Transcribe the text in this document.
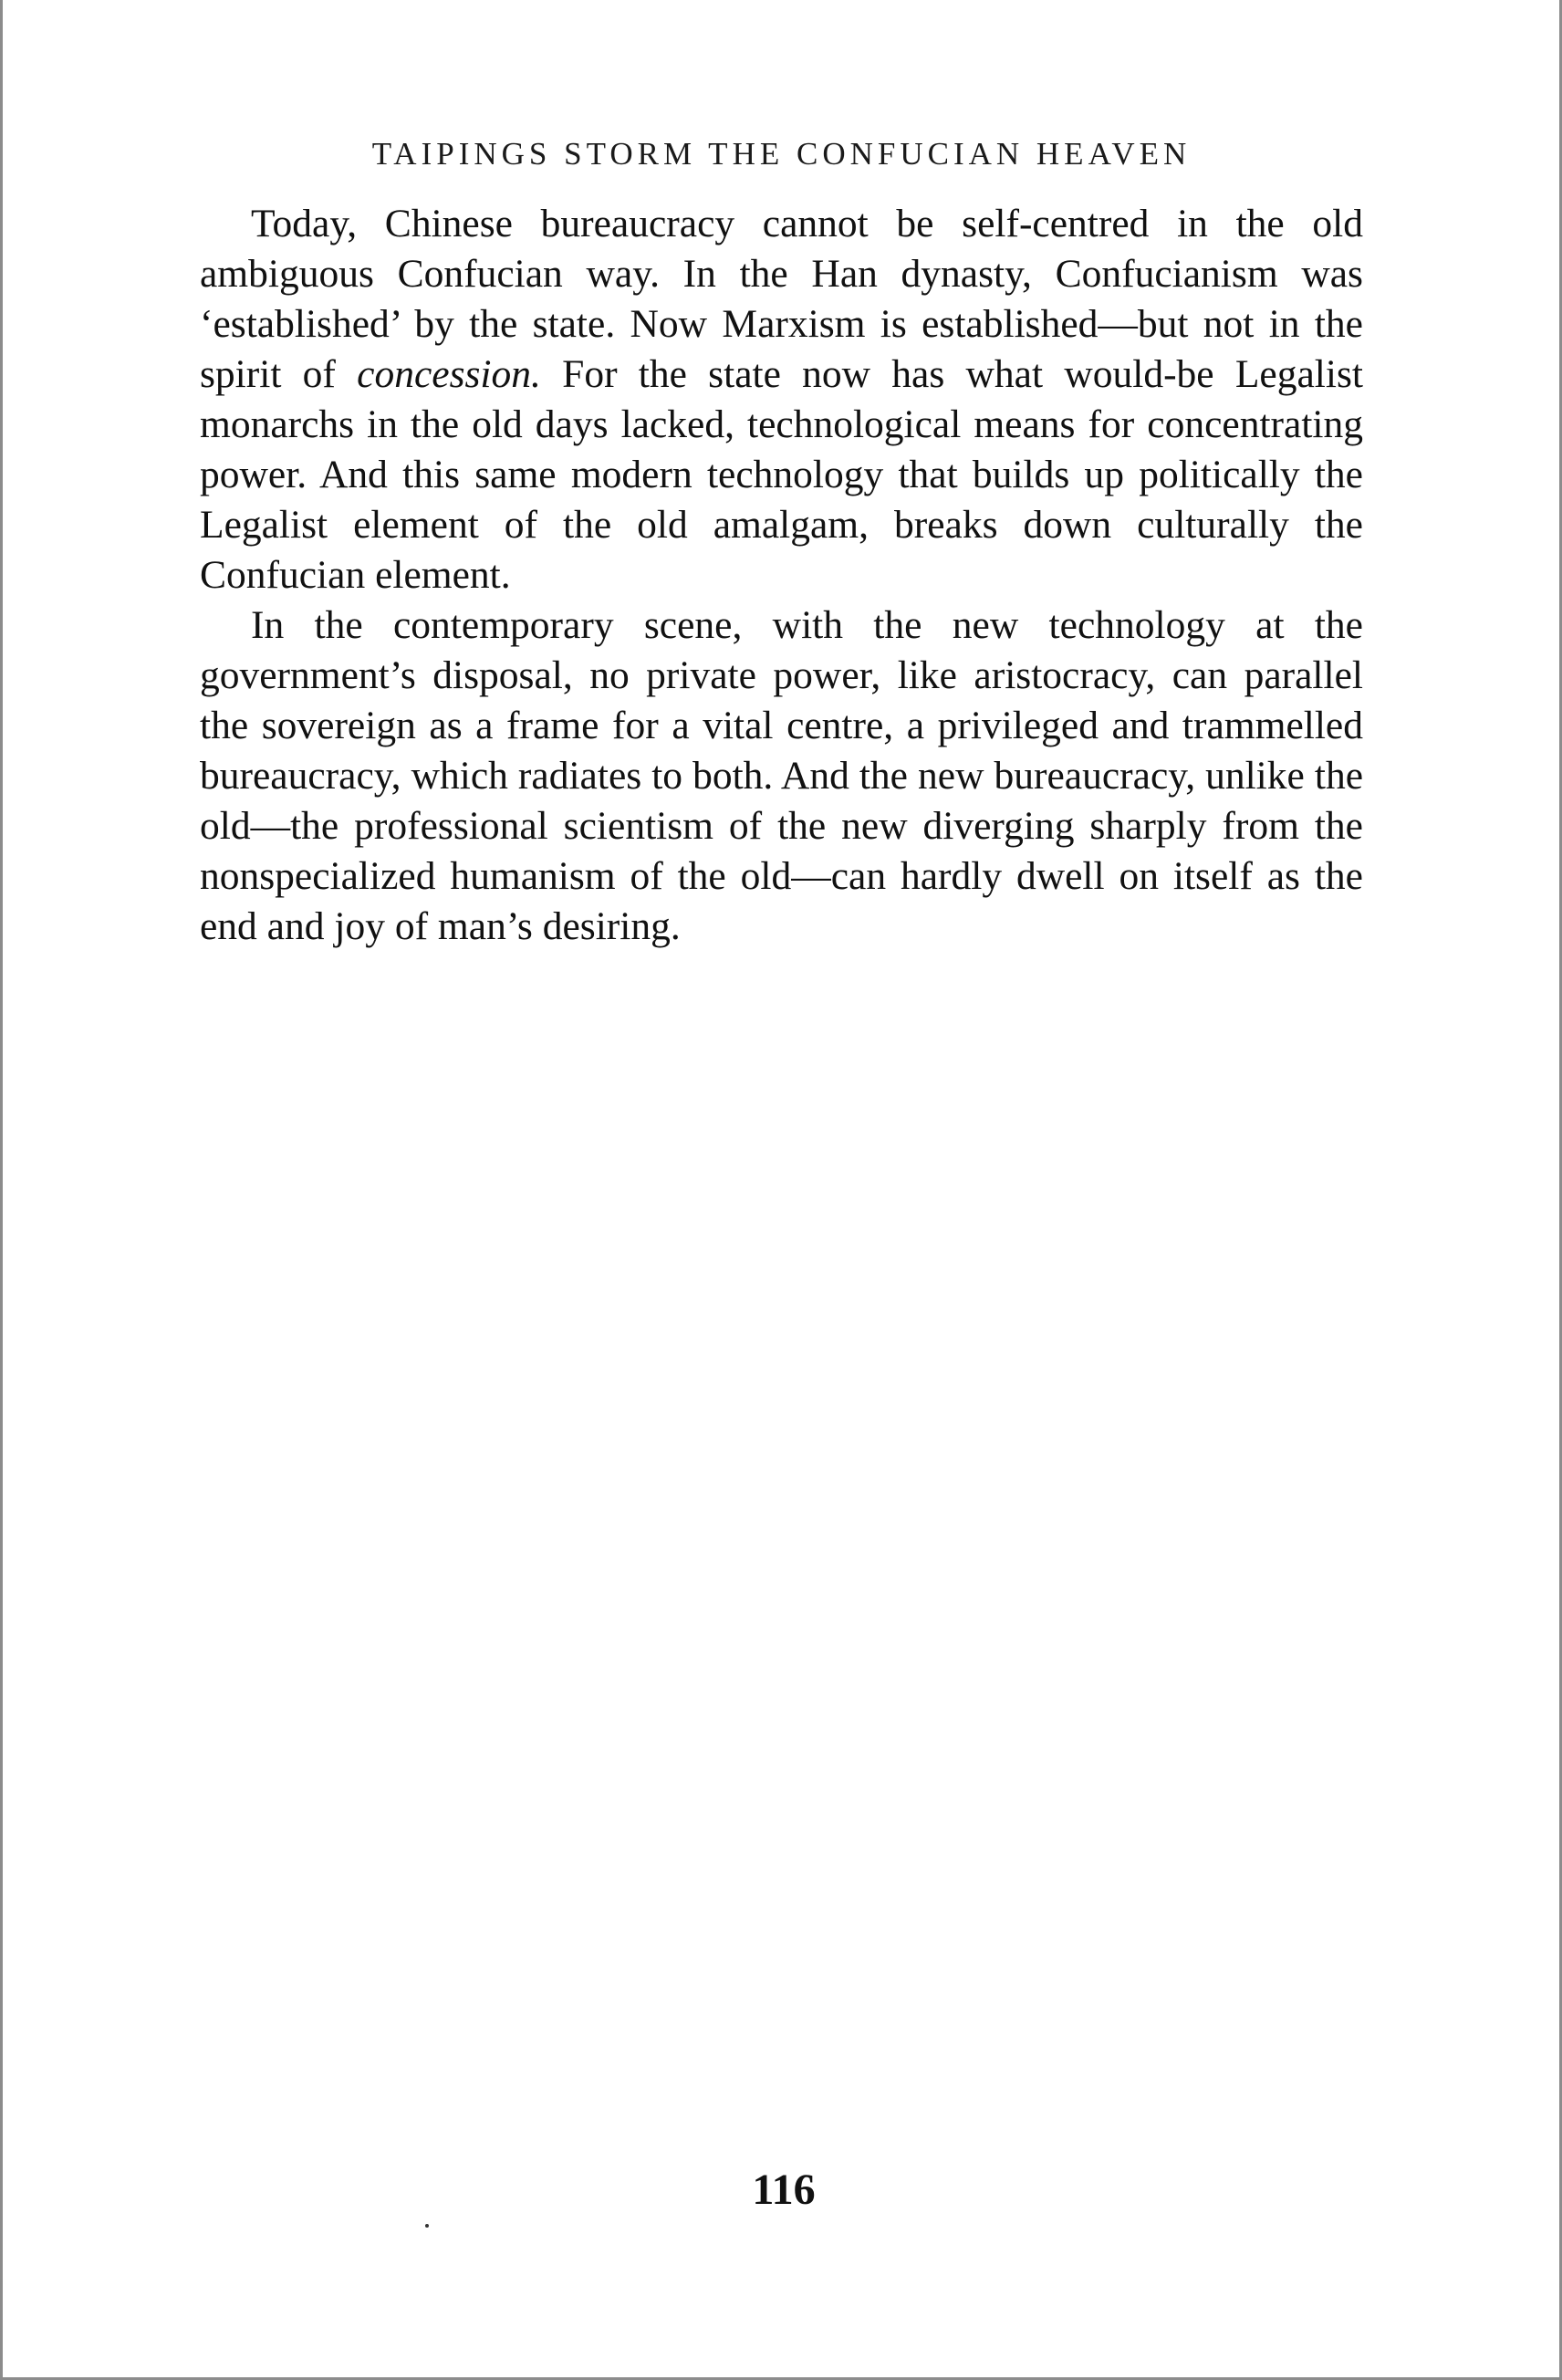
TAIPINGS STORM THE CONFUCIAN HEAVEN

Today, Chinese bureaucracy cannot be self-centred in the old ambiguous Confucian way. In the Han dynasty, Confucianism was ‘established’ by the state. Now Marxism is established—but not in the spirit of concession. For the state now has what would-be Legalist monarchs in the old days lacked, technological means for concentrating power. And this same modern technology that builds up politically the Legalist element of the old amalgam, breaks down culturally the Confucian element.

In the contemporary scene, with the new technology at the government’s disposal, no private power, like aristocracy, can parallel the sovereign as a frame for a vital centre, a privileged and trammelled bureaucracy, which radiates to both. And the new bureaucracy, unlike the old—the professional scientism of the new diverging sharply from the nonspecialized humanism of the old—can hardly dwell on itself as the end and joy of man’s desiring.

116
